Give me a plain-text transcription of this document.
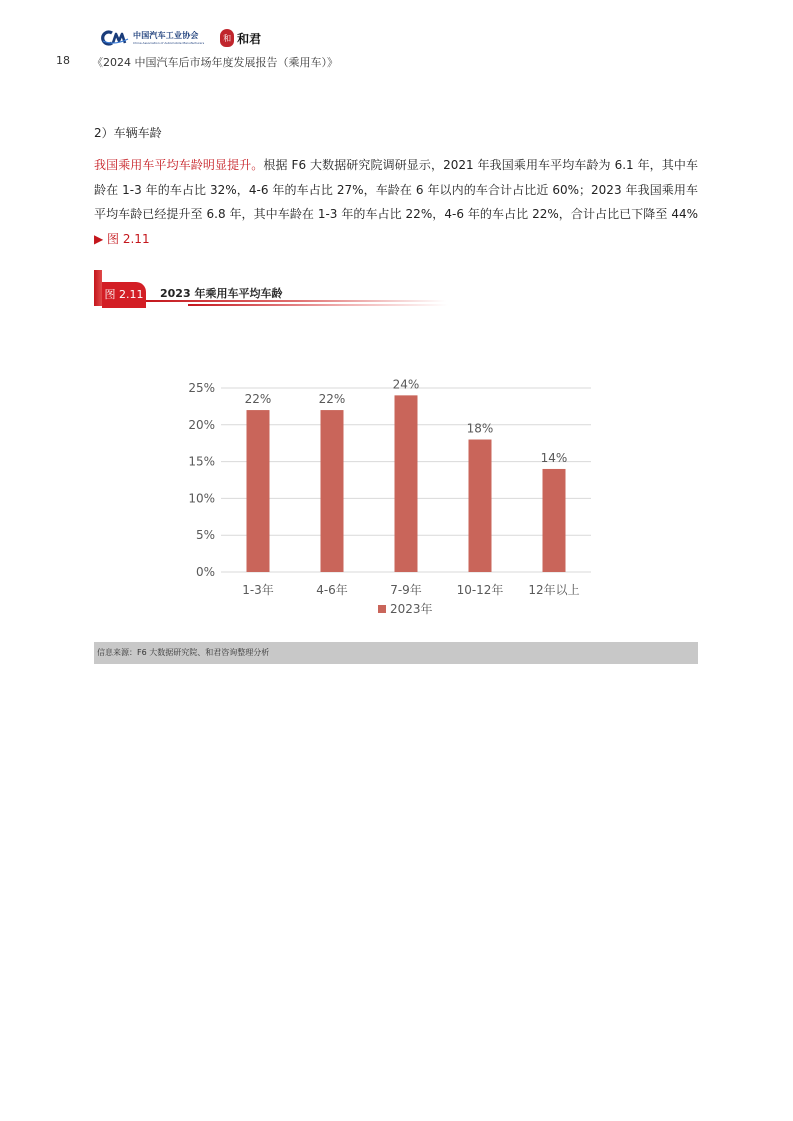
中国汽车工业协会
China Association of Automobile Manufacturers	和 和君
18 《2024 中国汽车后市场年度发展报告（乘用车）》
2）车辆车龄
我国乘用车平均车龄明显提升。根据 F6 大数据研究院调研显示，2021 年我国乘用车平均车龄为 6.1 年，其中车龄在 1-3 年的车占比 32%，4-6 年的车占比 27%，车龄在 6 年以内的车合计占比近 60%；2023 年我国乘用车平均车龄已经提升至 6.8 年，其中车龄在 1-3 年的车占比 22%，4-6 年的车占比 22%，合计占比已下降至 44% ▶ 图 2.11
图 2.11 2023 年乘用车平均车龄
0%
5%
10%
15%
20%
25%
22%
1-3年
22%
4-6年
24%
7-9年
18%
10-12年
14%
12年以上
2023年
信息来源：F6 大数据研究院、和君咨询整理分析
